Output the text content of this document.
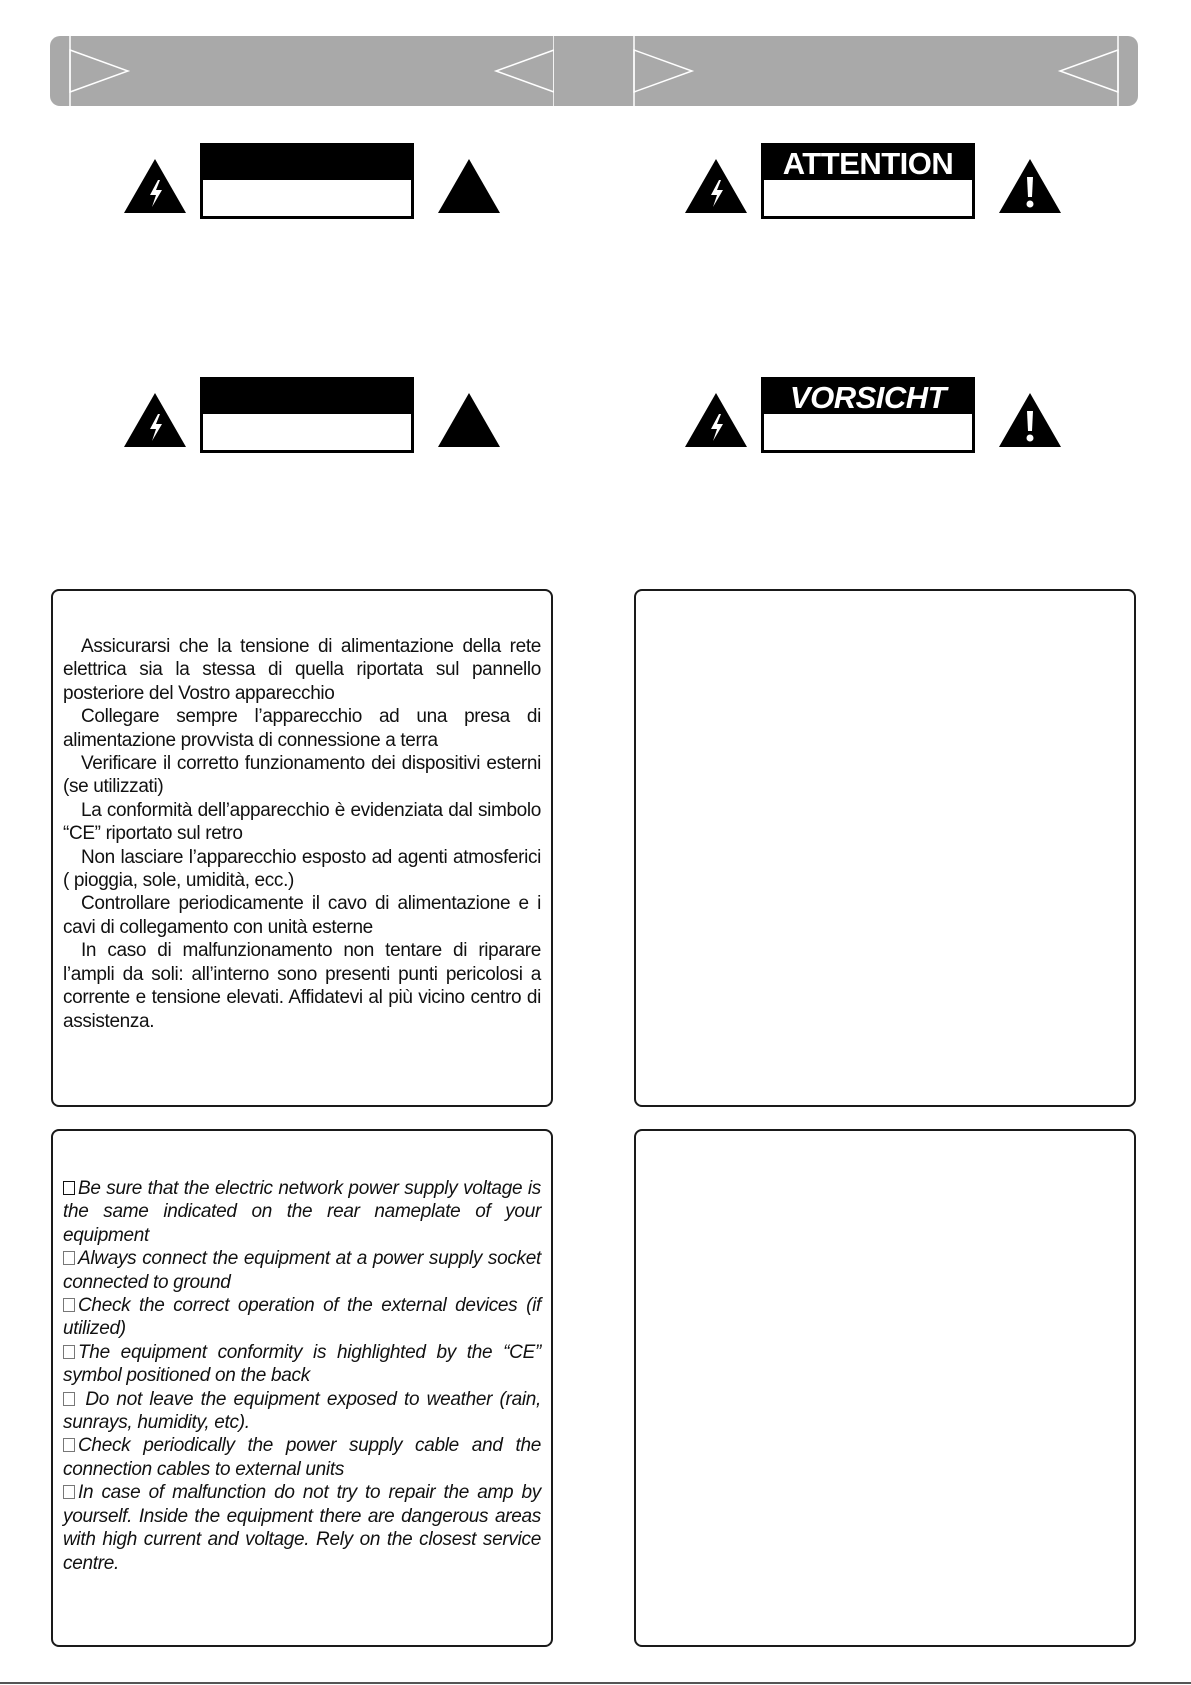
ATTENTION
VORSICHT

Assicurarsi che la tensione di alimentazione della rete elettrica sia la stessa di quella riportata sul pannello posteriore del Vostro apparecchio

Collegare sempre l’apparecchio ad una presa di alimentazione provvista di connessione a terra

Verificare il corretto funzionamento dei dispositivi esterni (se utilizzati)

La conformità dell’apparecchio è evidenziata dal simbolo “CE” riportato sul retro

Non lasciare l’apparecchio esposto ad agenti atmosferici ( pioggia, sole, umidità, ecc.)

Controllare periodicamente il cavo di alimentazione e i cavi di collegamento con unità esterne

In caso di malfunzionamento non tentare di riparare l’ampli da soli: all’interno sono presenti punti pericolosi a corrente e tensione elevati. Affidatevi al più vicino centro di assistenza.

Be sure that the electric network power supply voltage is the same indicated on the rear nameplate of your equipment

Always connect the equipment at a power supply socket connected to ground

Check the correct operation of the external devices (if utilized)

The equipment conformity is highlighted by the “CE” symbol positioned on the back

Do not leave the equipment exposed to weather (rain, sunrays, humidity, etc).

Check periodically the power supply cable and the connection cables to external units

In case of malfunction do not try to repair the amp by yourself. Inside the equipment there are dangerous areas with high current and voltage. Rely on the closest service centre.
